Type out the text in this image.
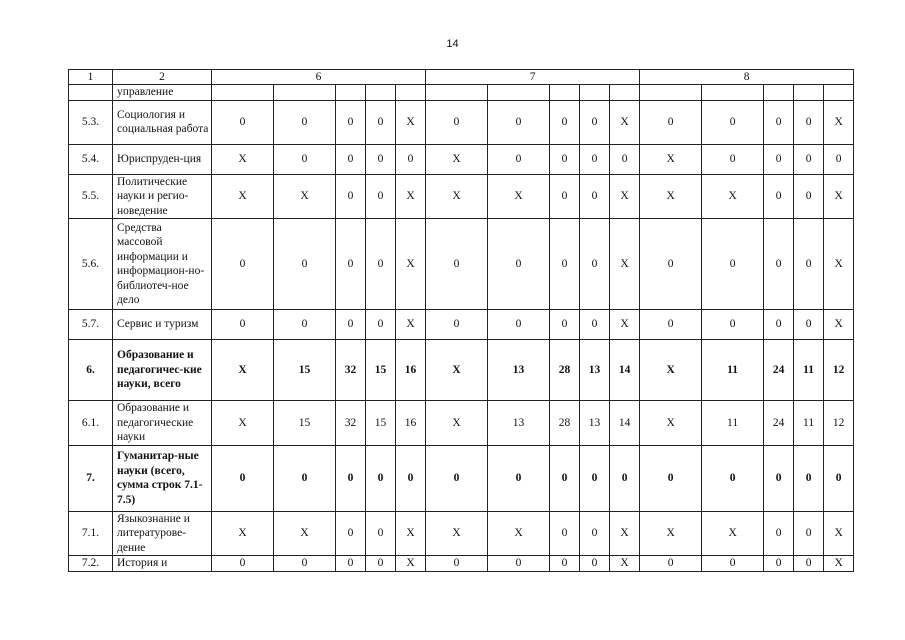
14
1	2	6					7					8				
	управление															
5.3.	Социология и социальная работа	0	0	0	0	X	0	0	0	0	X	0	0	0	0	X
5.4.	Юриспруден-ция	X	0	0	0	0	X	0	0	0	0	X	0	0	0	0
5.5.	Политические науки и регио-новедение	X	X	0	0	X	X	X	0	0	X	X	X	0	0	X
5.6.	Средства массовой информации и информацион-но-библиотеч-ное дело	0	0	0	0	X	0	0	0	0	X	0	0	0	0	X
5.7.	Сервис и туризм	0	0	0	0	X	0	0	0	0	X	0	0	0	0	X
6.	Образование и педагогичес-кие науки, всего	X	15	32	15	16	X	13	28	13	14	X	11	24	11	12
6.1.	Образование и педагогические науки	X	15	32	15	16	X	13	28	13	14	X	11	24	11	12
7.	Гуманитар-ные науки (всего, сумма строк 7.1- 7.5)	0	0	0	0	0	0	0	0	0	0	0	0	0	0	0
7.1.	Языкознание и литературове-дение	X	X	0	0	X	X	X	0	0	X	X	X	0	0	X
7.2.	История и	0	0	0	0	X	0	0	0	0	X	0	0	0	0	X
